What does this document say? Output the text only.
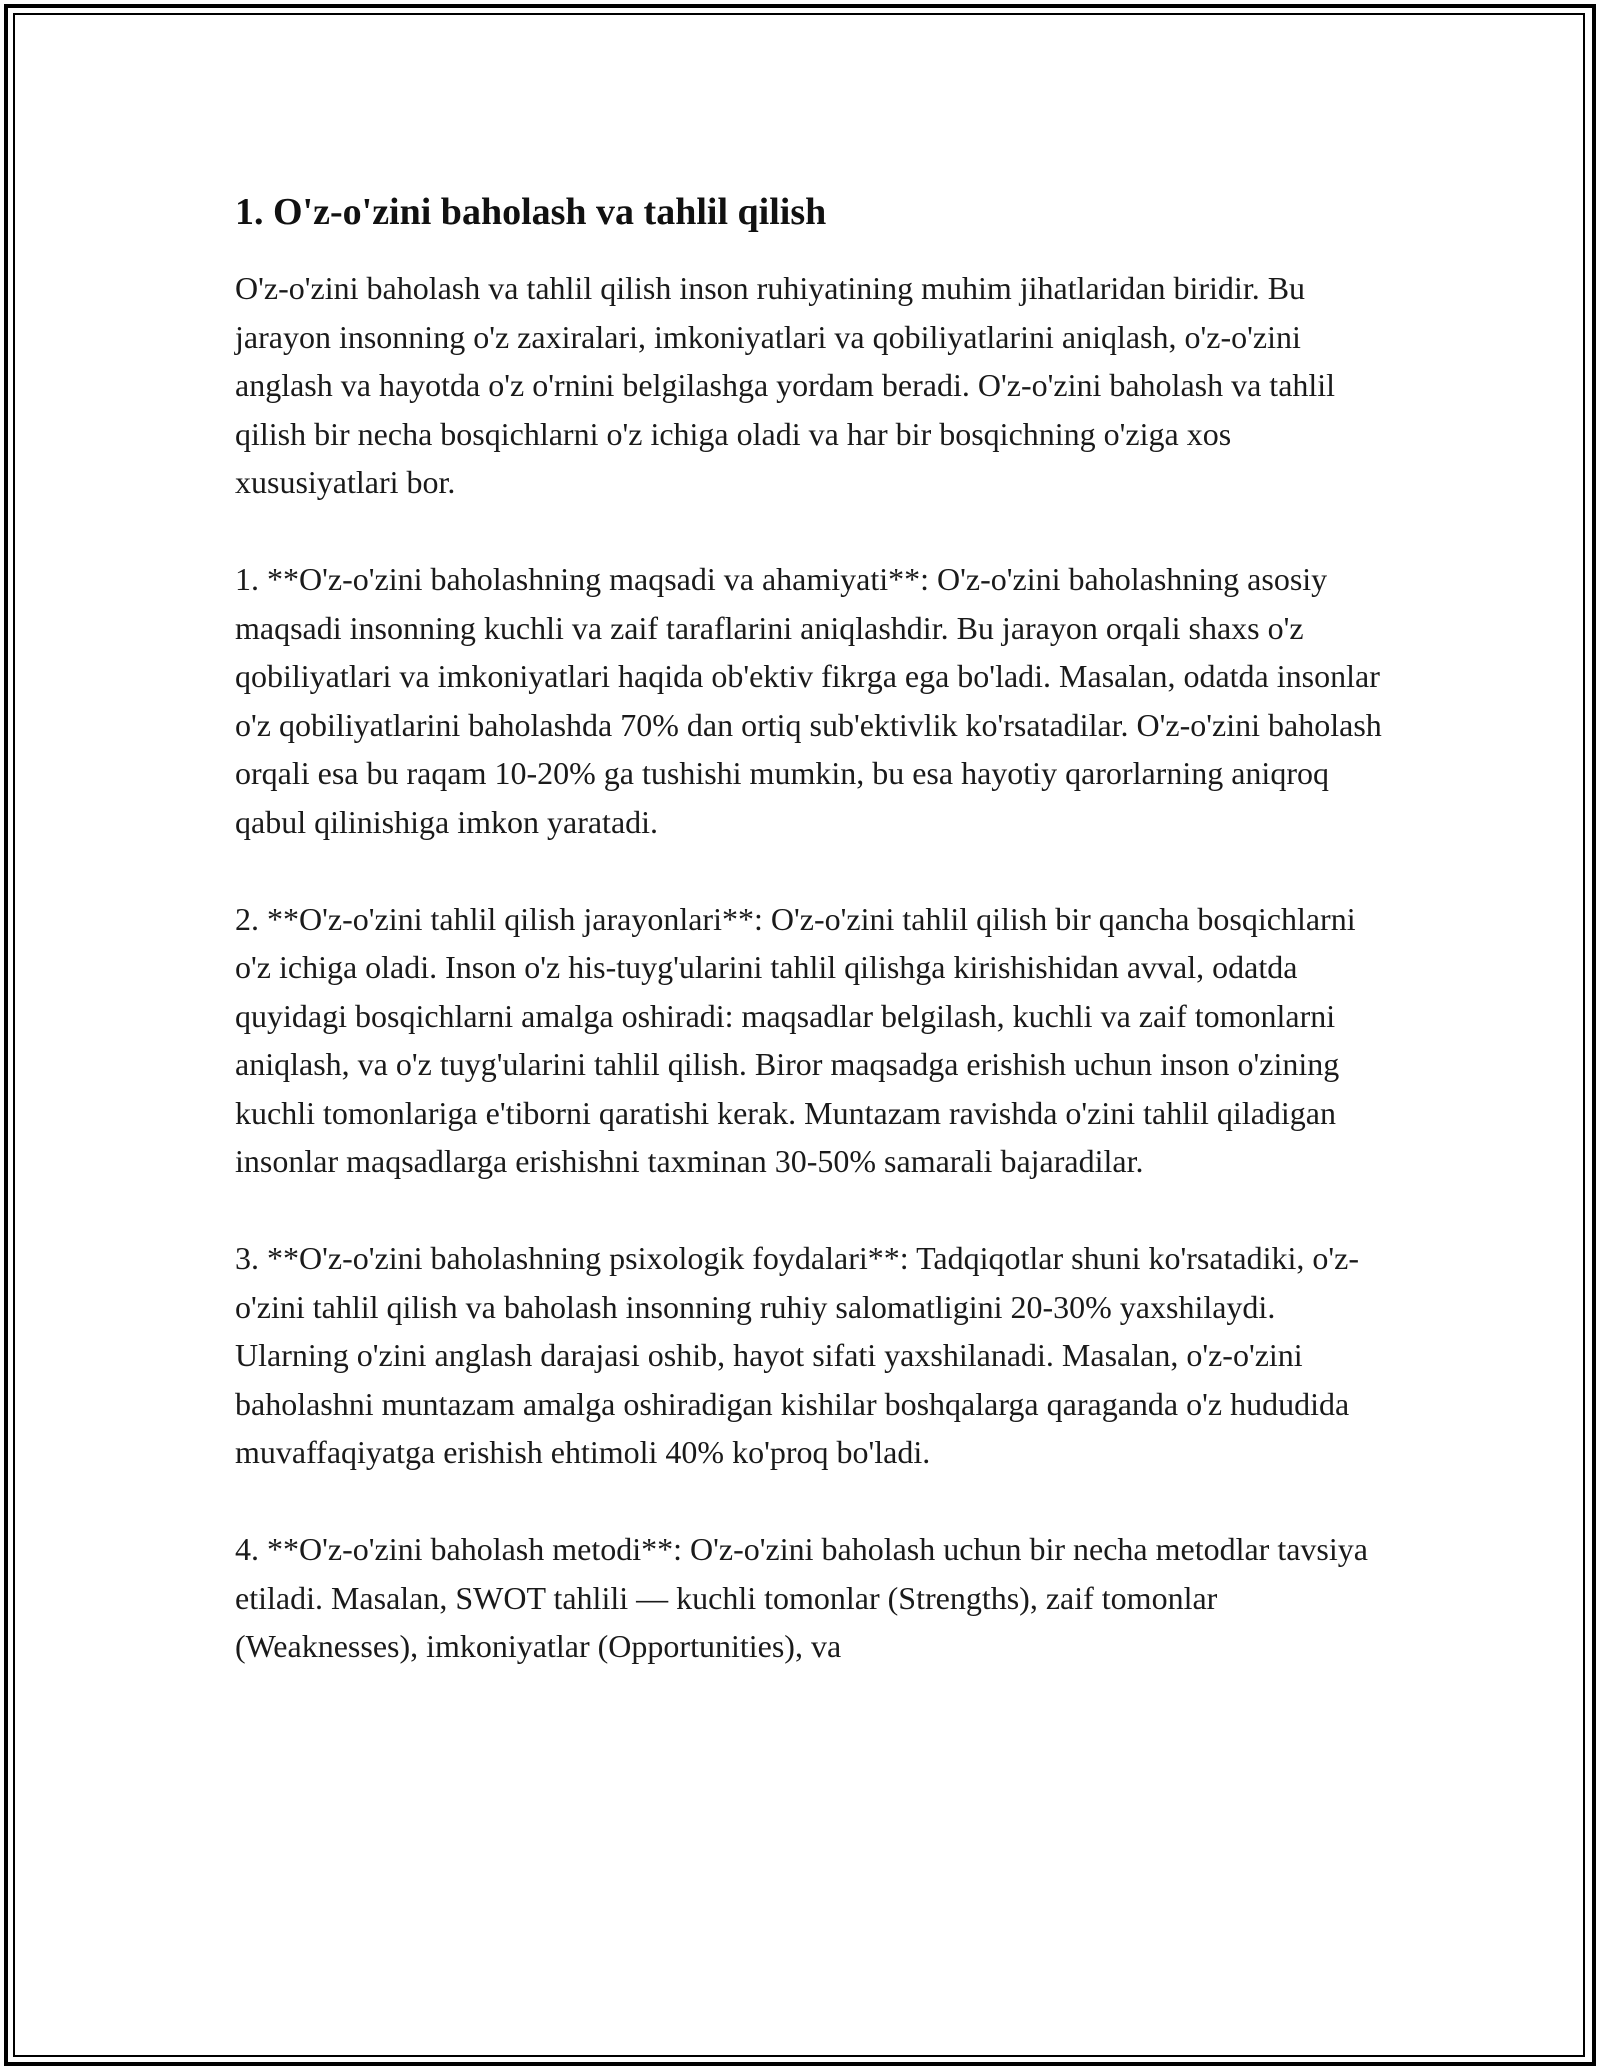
1. O'z-o'zini baholash va tahlil qilish

O'z-o'zini baholash va tahlil qilish inson ruhiyatining muhim jihatlaridan biridir. Bu jarayon insonning o'z zaxiralari, imkoniyatlari va qobiliyatlarini aniqlash, o'z-o'zini anglash va hayotda o'z o'rnini belgilashga yordam beradi. O'z-o'zini baholash va tahlil qilish bir necha bosqichlarni o'z ichiga oladi va har bir bosqichning o'ziga xos xususiyatlari bor.

1. **O'z-o'zini baholashning maqsadi va ahamiyati**: O'z-o'zini baholashning asosiy maqsadi insonning kuchli va zaif taraflarini aniqlashdir. Bu jarayon orqali shaxs o'z qobiliyatlari va imkoniyatlari haqida ob'ektiv fikrga ega bo'ladi. Masalan, odatda insonlar o'z qobiliyatlarini baholashda 70% dan ortiq sub'ektivlik ko'rsatadilar. O'z-o'zini baholash orqali esa bu raqam 10-20% ga tushishi mumkin, bu esa hayotiy qarorlarning aniqroq qabul qilinishiga imkon yaratadi.

2. **O'z-o'zini tahlil qilish jarayonlari**: O'z-o'zini tahlil qilish bir qancha bosqichlarni o'z ichiga oladi. Inson o'z his-tuyg'ularini tahlil qilishga kirishishidan avval, odatda quyidagi bosqichlarni amalga oshiradi: maqsadlar belgilash, kuchli va zaif tomonlarni aniqlash, va o'z tuyg'ularini tahlil qilish. Biror maqsadga erishish uchun inson o'zining kuchli tomonlariga e'tiborni qaratishi kerak. Muntazam ravishda o'zini tahlil qiladigan insonlar maqsadlarga erishishni taxminan 30-50% samarali bajaradilar.

3. **O'z-o'zini baholashning psixologik foydalari**: Tadqiqotlar shuni ko'rsatadiki, o'z-o'zini tahlil qilish va baholash insonning ruhiy salomatligini 20-30% yaxshilaydi. Ularning o'zini anglash darajasi oshib, hayot sifati yaxshilanadi. Masalan, o'z-o'zini baholashni muntazam amalga oshiradigan kishilar boshqalarga qaraganda o'z hududida muvaffaqiyatga erishish ehtimoli 40% ko'proq bo'ladi.

4. **O'z-o'zini baholash metodi**: O'z-o'zini baholash uchun bir necha metodlar tavsiya etiladi. Masalan, SWOT tahlili — kuchli tomonlar (Strengths), zaif tomonlar (Weaknesses), imkoniyatlar (Opportunities), va
